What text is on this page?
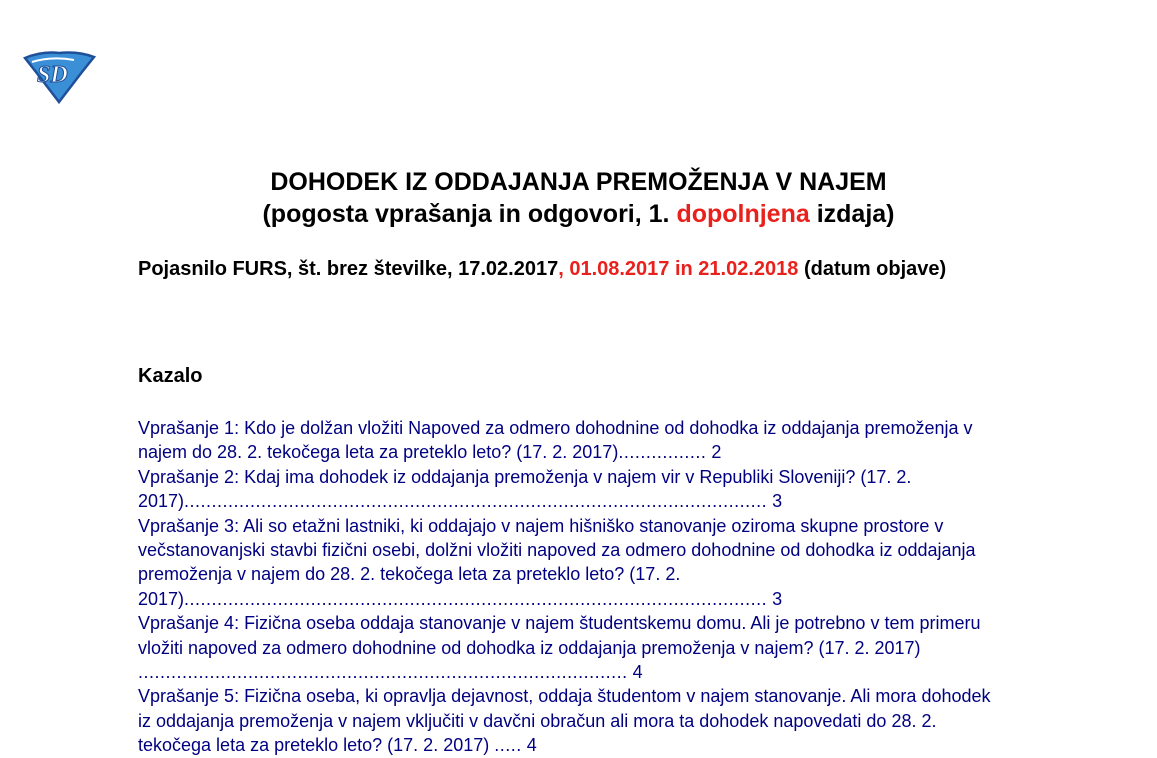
SD
DOHODEK IZ ODDAJANJA PREMOŽENJA V NAJEM
(pogosta vprašanja in odgovori, 1. dopolnjena izdaja)

Pojasnilo FURS, št. brez številke, 17.02.2017, 01.08.2017 in 21.02.2018 (datum objave)

Kazalo
Vprašanje 1: Kdo je dolžan vložiti Napoved za odmero dohodnine od dohodka iz oddajanja premoženja v najem do 28. 2. tekočega leta za preteklo leto? (17. 2. 2017)................ 2
Vprašanje 2: Kdaj ima dohodek iz oddajanja premoženja v najem vir v Republiki Sloveniji? (17. 2. 2017).......................................................................................................... 3
Vprašanje 3: Ali so etažni lastniki, ki oddajajo v najem hišniško stanovanje oziroma skupne prostore v večstanovanjski stavbi fizični osebi, dolžni vložiti napoved za odmero dohodnine od dohodka iz oddajanja premoženja v najem do 28. 2. tekočega leta za preteklo leto? (17. 2. 2017).......................................................................................................... 3
Vprašanje 4: Fizična oseba oddaja stanovanje v najem študentskemu domu. Ali je potrebno v tem primeru vložiti napoved za odmero dohodnine od dohodka iz oddajanja premoženja v najem? (17. 2. 2017) ......................................................................................... 4
Vprašanje 5: Fizična oseba, ki opravlja dejavnost, oddaja študentom v najem stanovanje. Ali mora dohodek iz oddajanja premoženja v najem vključiti v davčni obračun ali mora ta dohodek napovedati do 28. 2. tekočega leta za preteklo leto? (17. 2. 2017) ..... 4
